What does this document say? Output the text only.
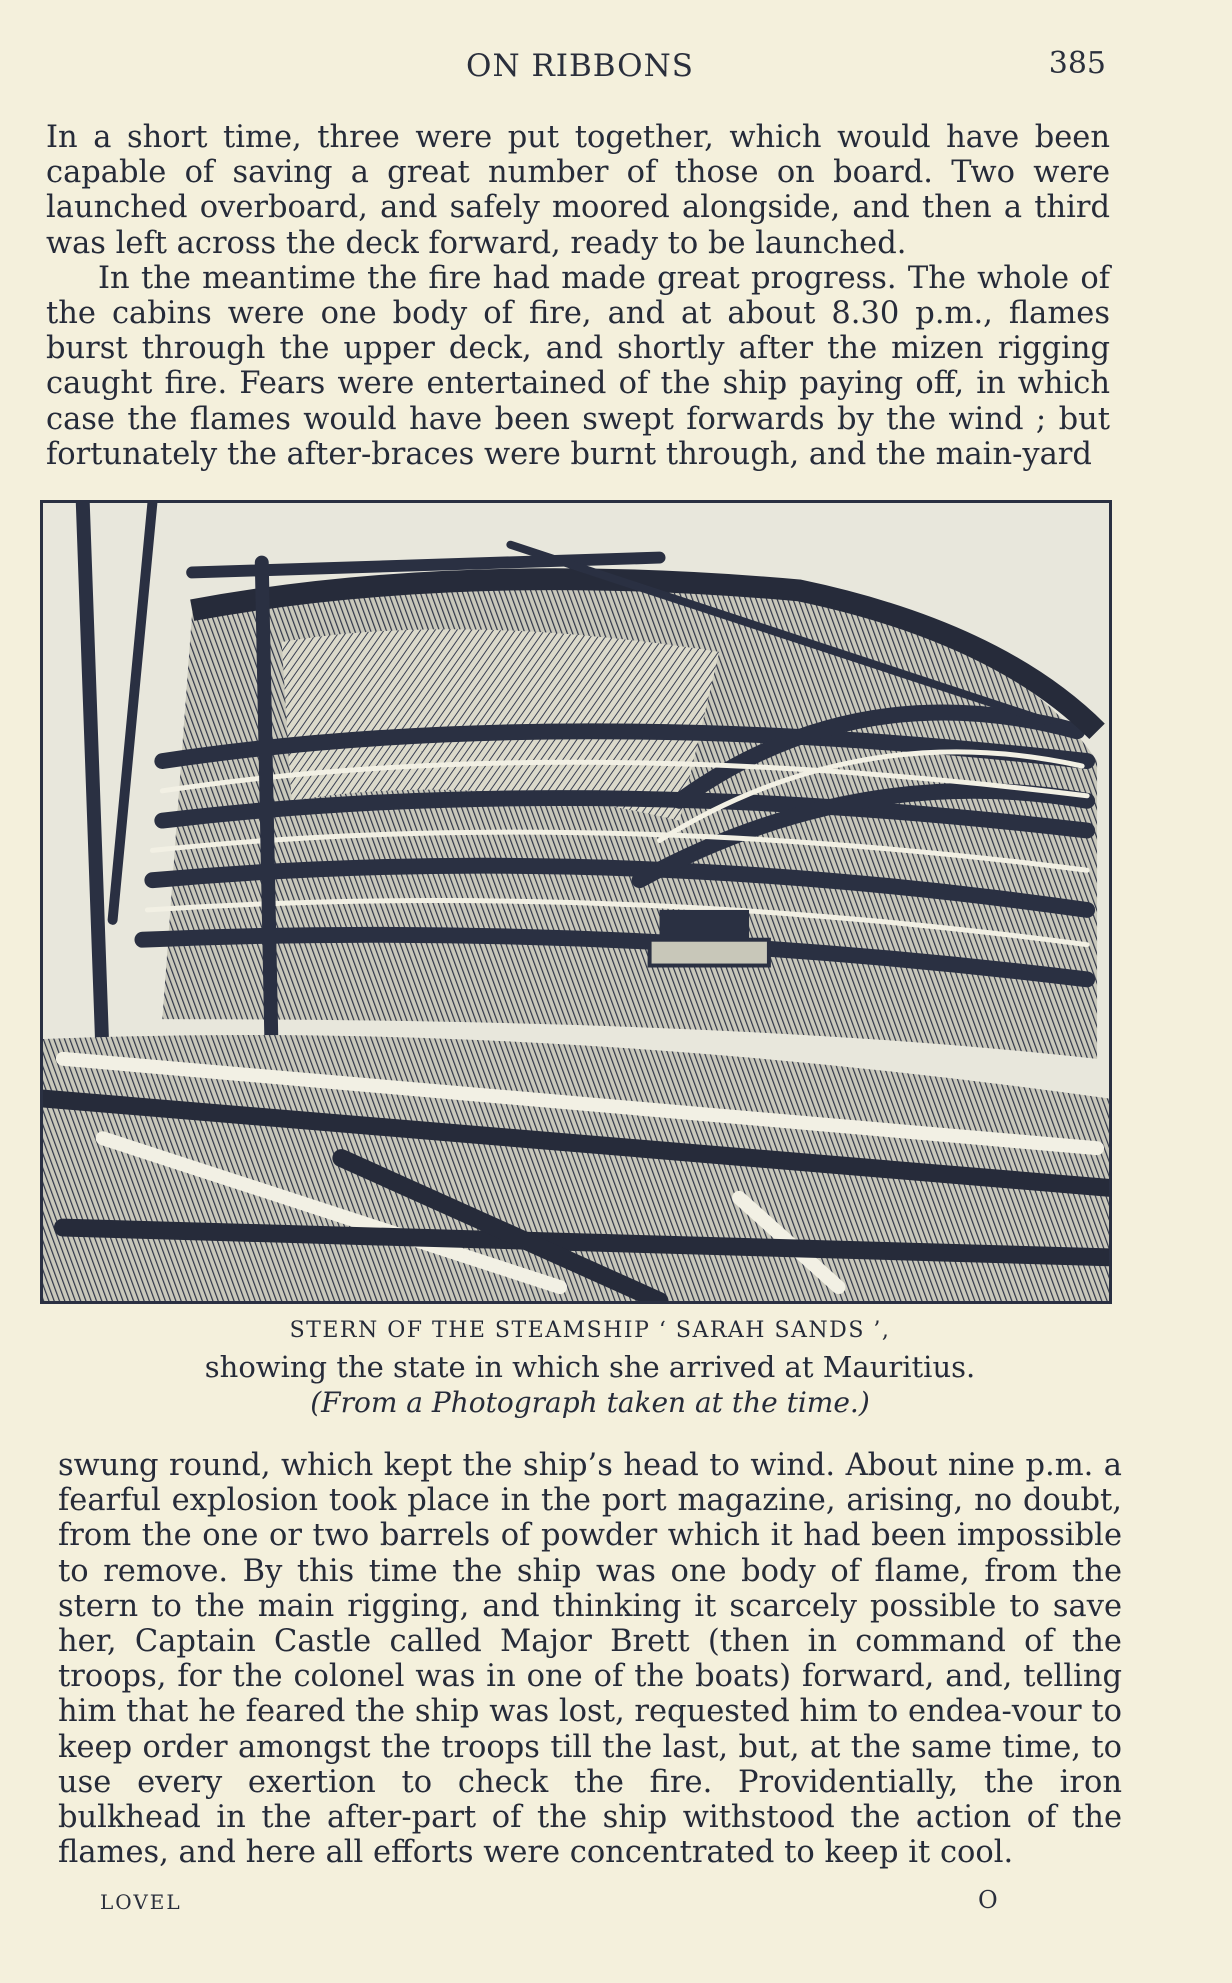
ON RIBBONS	385

In a short time, three were put together, which would have been capable of saving a great number of those on board. Two were launched overboard, and safely moored alongside, and then a third was left across the deck forward, ready to be launched.

In the meantime the fire had made great progress. The whole of the cabins were one body of fire, and at about 8.30 p.m., flames burst through the upper deck, and shortly after the mizen rigging caught fire. Fears were entertained of the ship paying off, in which case the flames would have been swept forwards by the wind ; but fortunately the after-braces were burnt through, and the main-yard

STERN OF THE STEAMSHIP ‘ SARAH SANDS ’,
showing the state in which she arrived at Mauritius.
(From a Photograph taken at the time.)

swung round, which kept the ship’s head to wind. About nine p.m. a fearful explosion took place in the port magazine, arising, no doubt, from the one or two barrels of powder which it had been impossible to remove. By this time the ship was one body of flame, from the stern to the main rigging, and thinking it scarcely possible to save her, Captain Castle called Major Brett (then in command of the troops, for the colonel was in one of the boats) forward, and, telling him that he feared the ship was lost, requested him to endea-vour to keep order amongst the troops till the last, but, at the same time, to use every exertion to check the fire. Providentially, the iron bulkhead in the after-part of the ship withstood the action of the flames, and here all efforts were concentrated to keep it cool.

LOVEL	O
